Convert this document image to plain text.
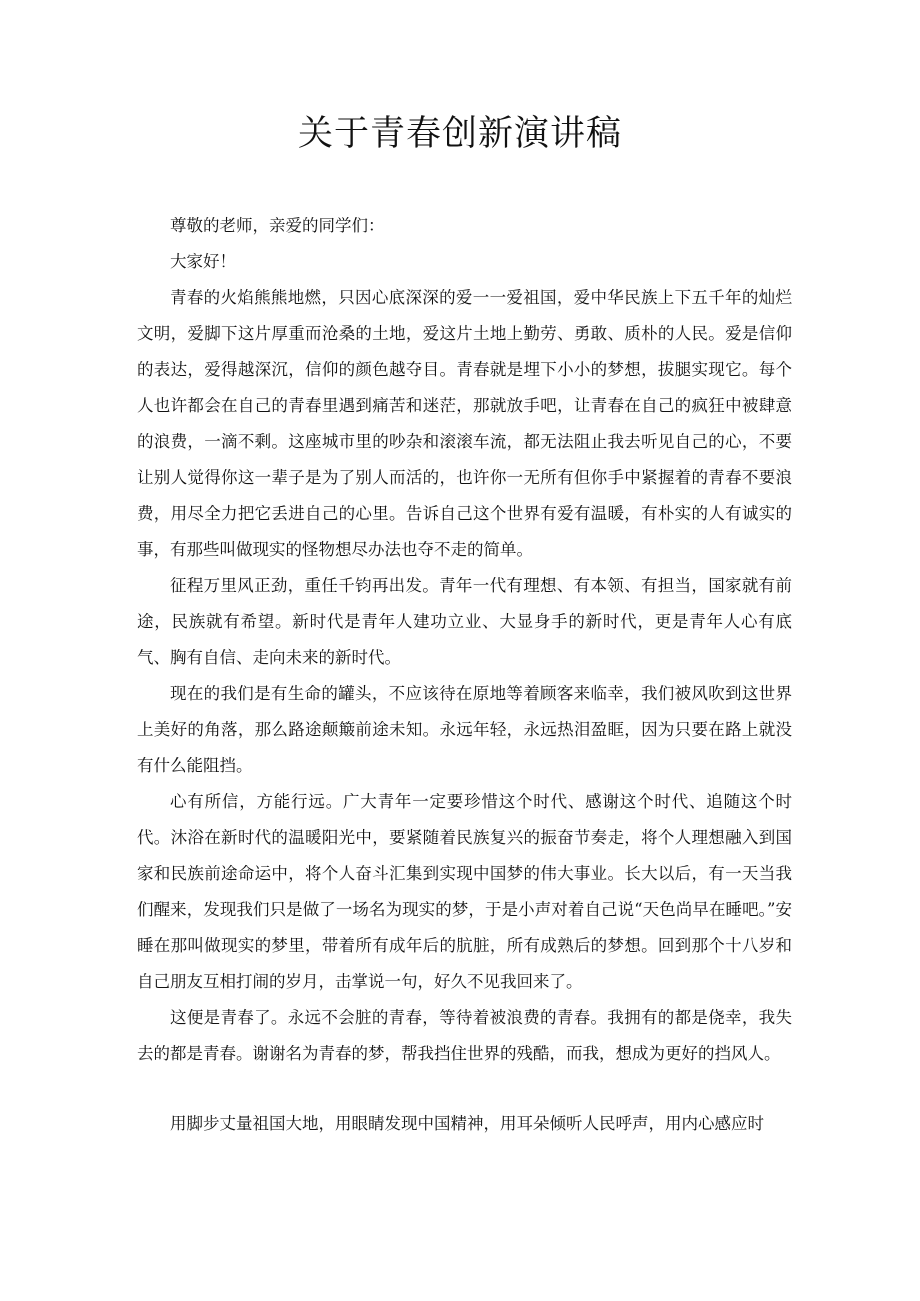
关于青春创新演讲稿

尊敬的老师，亲爱的同学们：

大家好！

青春的火焰熊熊地燃，只因心底深深的爱一一爱祖国，爱中华民族上下五千年的灿烂文明，爱脚下这片厚重而沧桑的土地，爱这片土地上勤劳、勇敢、质朴的人民。爱是信仰的表达，爱得越深沉，信仰的颜色越夺目。青春就是埋下小小的梦想，拔腿实现它。每个人也许都会在自己的青春里遇到痛苦和迷茫，那就放手吧，让青春在自己的疯狂中被肆意的浪费，一滴不剩。这座城市里的吵杂和滚滚车流，都无法阻止我去听见自己的心，不要让别人觉得你这一辈子是为了别人而活的，也许你一无所有但你手中紧握着的青春不要浪费，用尽全力把它丢进自己的心里。告诉自己这个世界有爱有温暖，有朴实的人有诚实的事，有那些叫做现实的怪物想尽办法也夺不走的简单。

征程万里风正劲，重任千钧再出发。青年一代有理想、有本领、有担当，国家就有前途，民族就有希望。新时代是青年人建功立业、大显身手的新时代，更是青年人心有底气、胸有自信、走向未来的新时代。

现在的我们是有生命的罐头，不应该待在原地等着顾客来临幸，我们被风吹到这世界上美好的角落，那么路途颠簸前途未知。永远年轻，永远热泪盈眶，因为只要在路上就没有什么能阻挡。

心有所信，方能行远。广大青年一定要珍惜这个时代、感谢这个时代、追随这个时代。沐浴在新时代的温暖阳光中，要紧随着民族复兴的振奋节奏走，将个人理想融入到国家和民族前途命运中，将个人奋斗汇集到实现中国梦的伟大事业。长大以后，有一天当我们醒来，发现我们只是做了一场名为现实的梦，于是小声对着自己说“天色尚早在睡吧。”安睡在那叫做现实的梦里，带着所有成年后的肮脏，所有成熟后的梦想。回到那个十八岁和自己朋友互相打闹的岁月，击掌说一句，好久不见我回来了。

这便是青春了。永远不会脏的青春，等待着被浪费的青春。我拥有的都是侥幸，我失去的都是青春。谢谢名为青春的梦，帮我挡住世界的残酷，而我，想成为更好的挡风人。

用脚步丈量祖国大地，用眼睛发现中国精神，用耳朵倾听人民呼声，用内心感应时
